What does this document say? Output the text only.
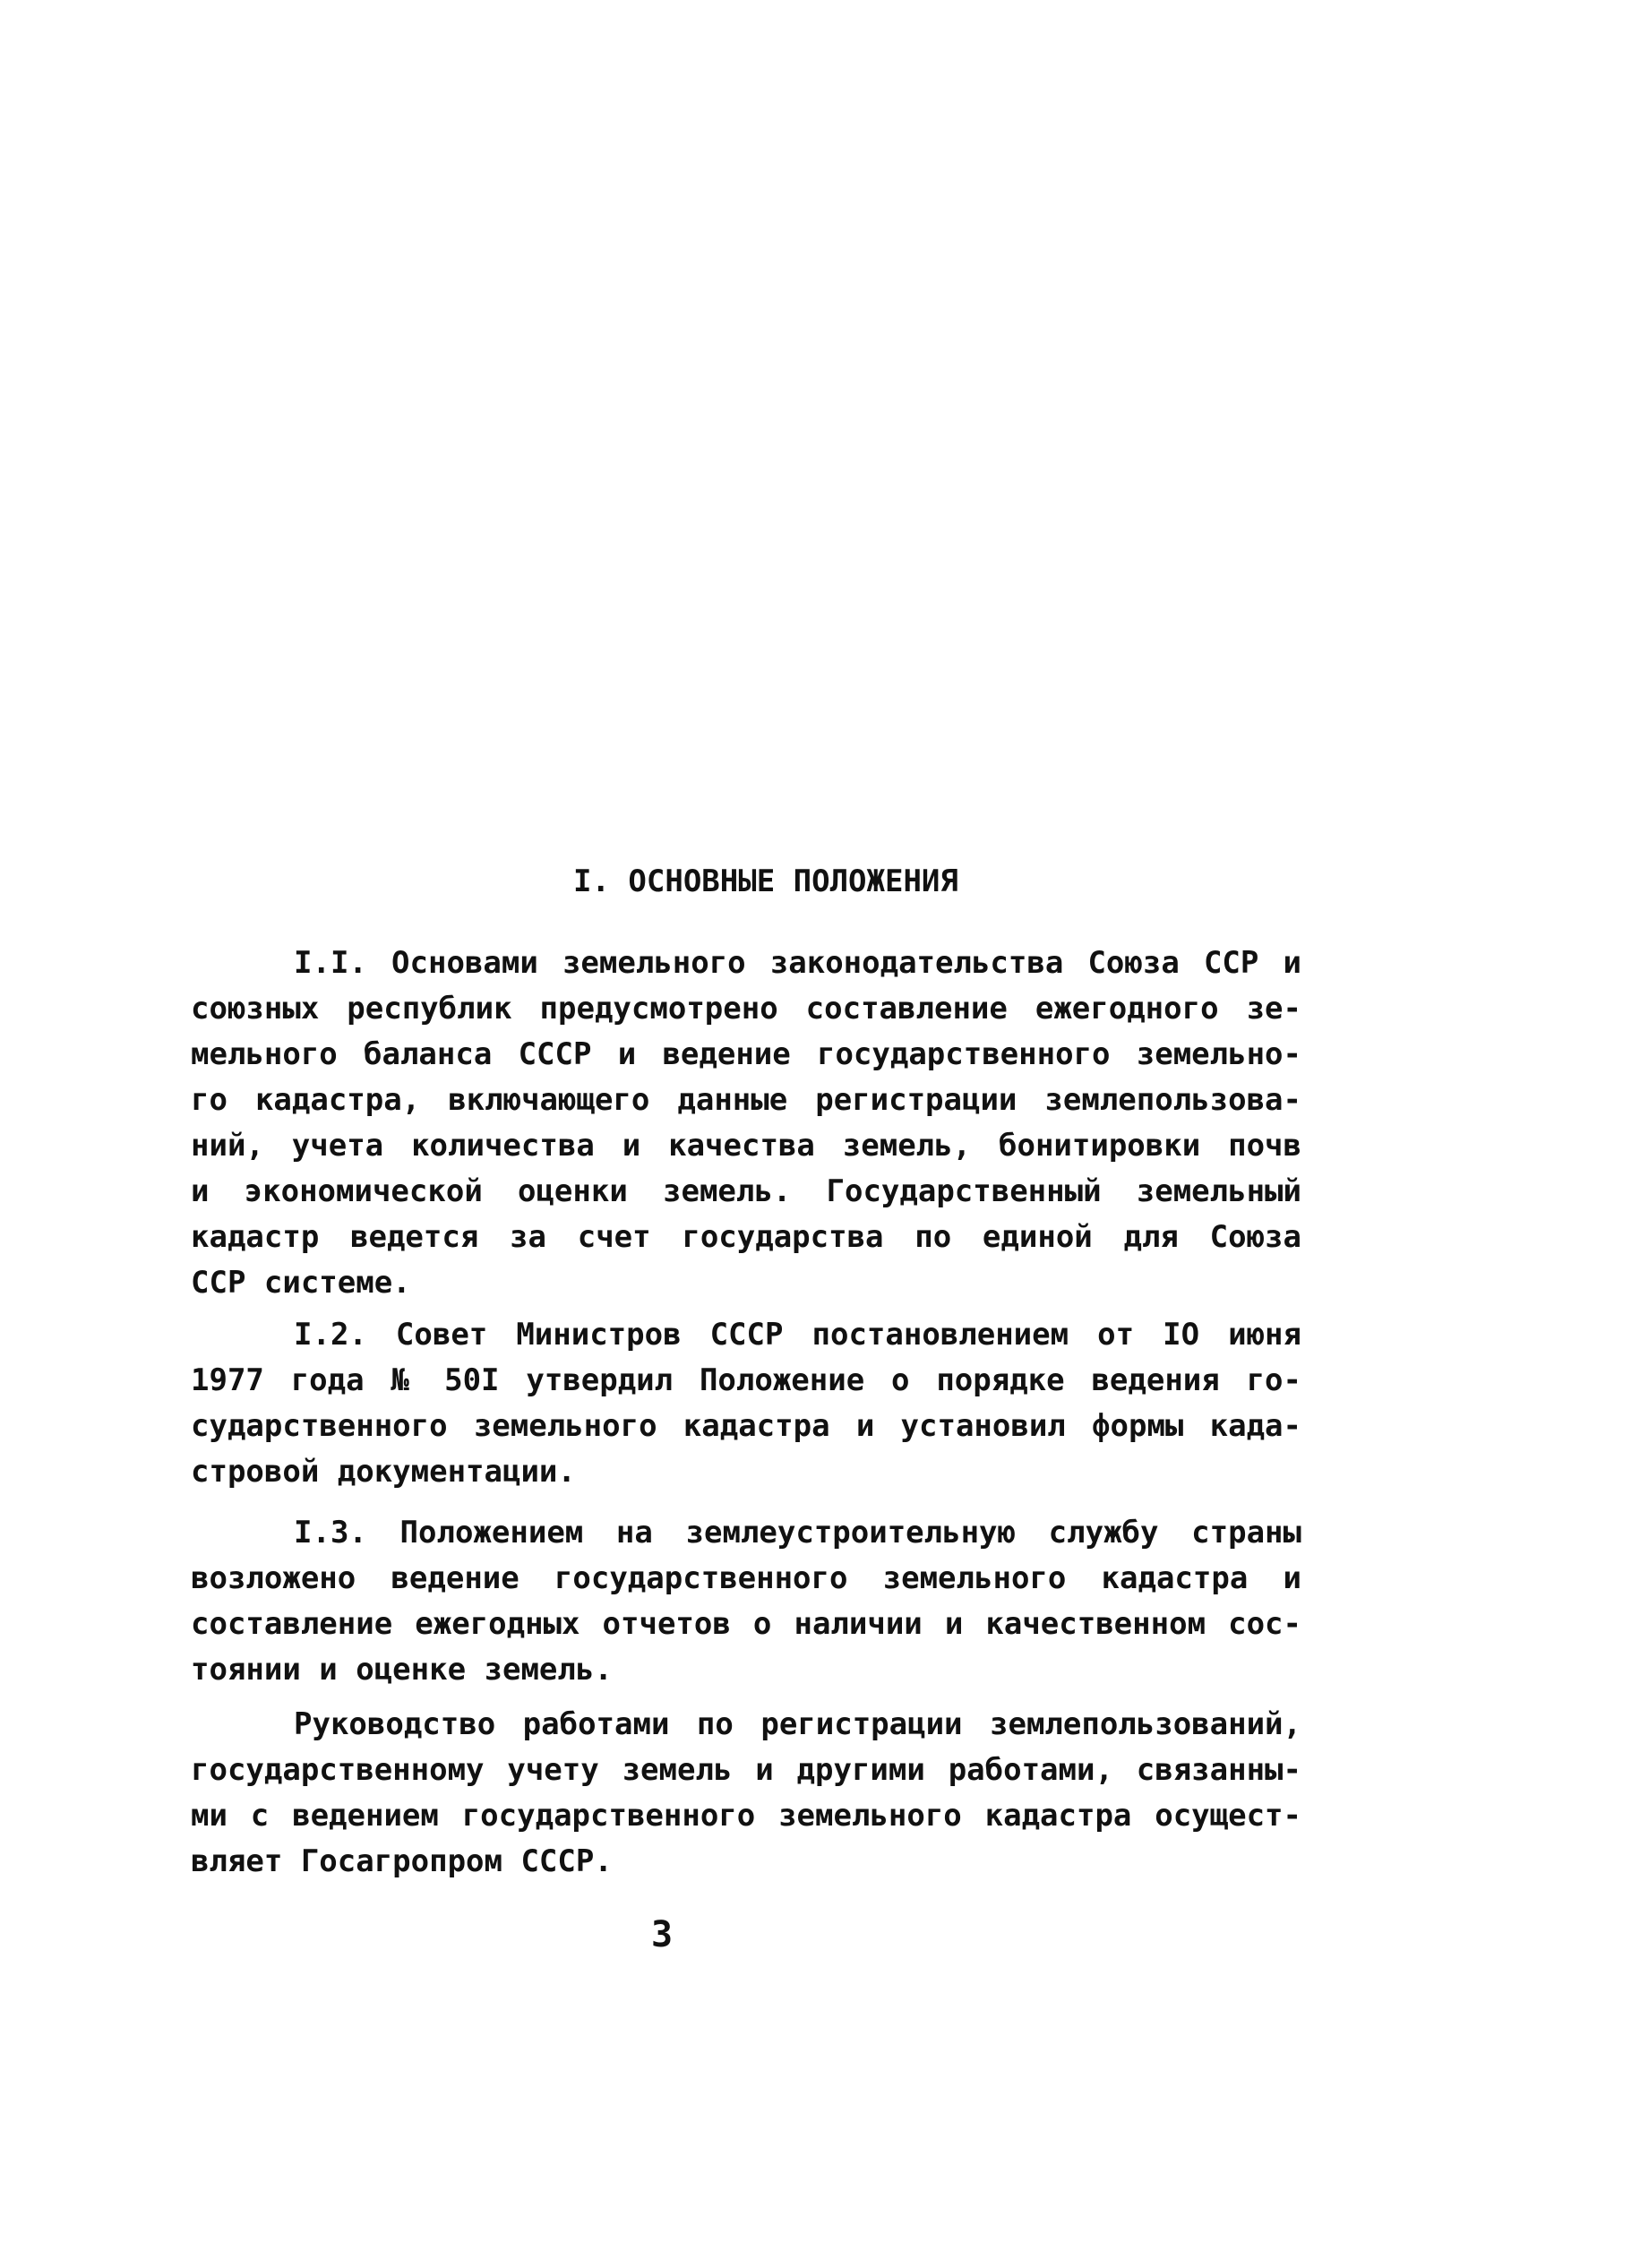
I. ОСНОВНЫЕ ПОЛОЖЕНИЯ
I.I. Основами земельного законодательства Союза ССР и
союзных республик предусмотрено составление ежегодного зе-
мельного баланса СССР и ведение государственного земельно-
го кадастра, включающего данные регистрации землепользова-
ний, учета количества и качества земель, бонитировки почв
и экономической оценки земель. Государственный земельный
кадастр ведется за счет государства по единой для Союза
ССР системе.
I.2. Совет Министров СССР постановлением от IO июня
1977 года № 50I утвердил Положение о порядке ведения го-
сударственного земельного кадастра и установил формы када-
стровой документации.
I.3. Положением на землеустроительную службу страны
возложено ведение государственного земельного кадастра и
составление ежегодных отчетов о наличии и качественном сос-
тоянии и оценке земель.
Руководство работами по регистрации землепользований,
государственному учету земель и другими работами, связанны-
ми с ведением государственного земельного кадастра осущест-
вляет Госагропром СССР.
3
